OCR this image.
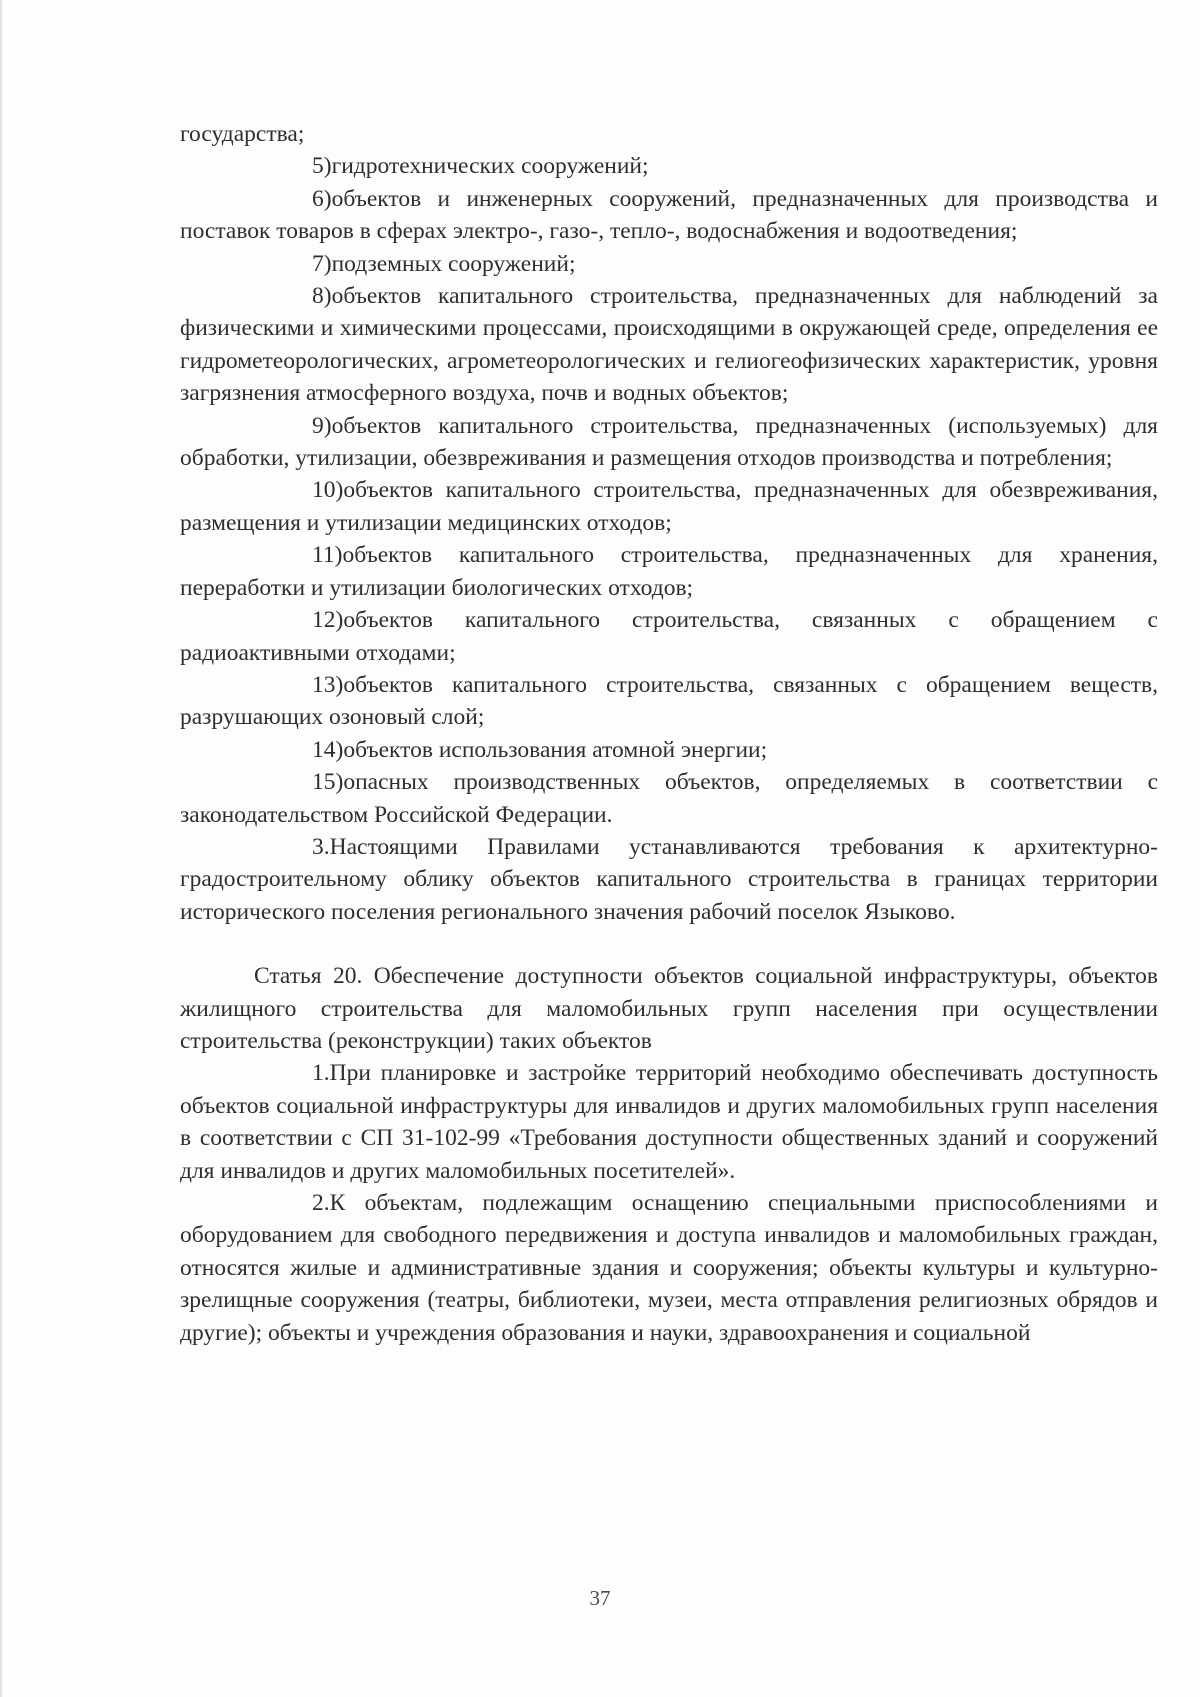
государства;

5)гидротехнических сооружений;

6)объектов и инженерных сооружений, предназначенных для производства и поставок товаров в сферах электро-, газо-, тепло-, водоснабжения и водоотведения;

7)подземных сооружений;

8)объектов капитального строительства, предназначенных для наблюдений за физическими и химическими процессами, происходящими в окружающей среде, определения ее гидрометеорологических, агрометеорологических и гелиогеофизических характеристик, уровня загрязнения атмосферного воздуха, почв и водных объектов;

9)объектов капитального строительства, предназначенных (используемых) для обработки, утилизации, обезвреживания и размещения отходов производства и потребления;

10)объектов капитального строительства, предназначенных для обезвреживания, размещения и утилизации медицинских отходов;

11)объектов капитального строительства, предназначенных для хранения, переработки и утилизации биологических отходов;

12)объектов капитального строительства, связанных с обращением с радиоактивными отходами;

13)объектов капитального строительства, связанных с обращением веществ, разрушающих озоновый слой;

14)объектов использования атомной энергии;

15)опасных производственных объектов, определяемых в соответствии с законодательством Российской Федерации.

3.Настоящими Правилами устанавливаются требования к архитектурно-градостроительному облику объектов капитального строительства в границах территории исторического поселения регионального значения рабочий поселок Языково.

Статья 20. Обеспечение доступности объектов социальной инфраструктуры, объектов жилищного строительства для маломобильных групп населения при осуществлении строительства (реконструкции) таких объектов

1.При планировке и застройке территорий необходимо обеспечивать доступность объектов социальной инфраструктуры для инвалидов и других маломобильных групп населения в соответствии с СП 31-102-99 «Требования доступности общественных зданий и сооружений для инвалидов и других маломобильных посетителей».

2.К объектам, подлежащим оснащению специальными приспособлениями и оборудованием для свободного передвижения и доступа инвалидов и маломобильных граждан, относятся жилые и административные здания и сооружения; объекты культуры и культурно-зрелищные сооружения (театры, библиотеки, музеи, места отправления религиозных обрядов и другие); объекты и учреждения образования и науки, здравоохранения и социальной

37
